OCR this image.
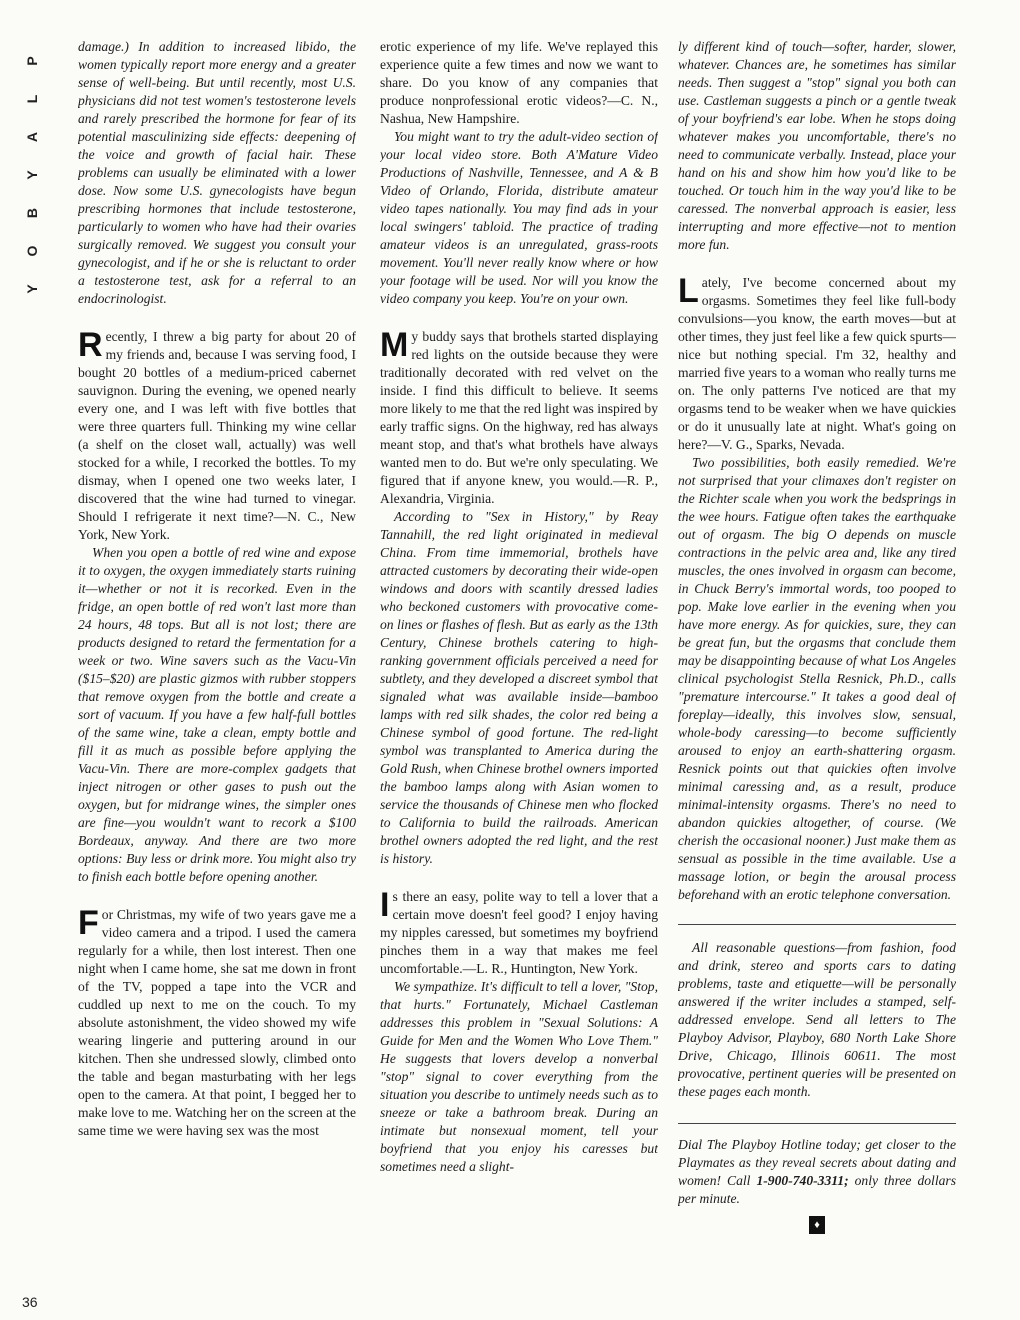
P
L
A
Y
B
O
Y
36

damage.) In addition to increased libido, the women typically report more energy and a greater sense of well-being. But until recently, most U.S. physicians did not test women's testosterone levels and rarely prescribed the hormone for fear of its potential masculinizing side effects: deepening of the voice and growth of facial hair. These problems can usually be eliminated with a lower dose. Now some U.S. gynecologists have begun prescribing hormones that include testosterone, particularly to women who have had their ovaries surgically removed. We suggest you consult your gynecologist, and if he or she is reluctant to order a testosterone test, ask for a referral to an endocrinologist.

Recently, I threw a big party for about 20 of my friends and, because I was serving food, I bought 20 bottles of a medium-priced cabernet sauvignon. During the evening, we opened nearly every one, and I was left with five bottles that were three quarters full. Thinking my wine cellar (a shelf on the closet wall, actually) was well stocked for a while, I recorked the bottles. To my dismay, when I opened one two weeks later, I discovered that the wine had turned to vinegar. Should I refrigerate it next time?—N. C., New York, New York.

When you open a bottle of red wine and expose it to oxygen, the oxygen immediately starts ruining it—whether or not it is recorked. Even in the fridge, an open bottle of red won't last more than 24 hours, 48 tops. But all is not lost; there are products designed to retard the fermentation for a week or two. Wine savers such as the Vacu-Vin ($15–$20) are plastic gizmos with rubber stoppers that remove oxygen from the bottle and create a sort of vacuum. If you have a few half-full bottles of the same wine, take a clean, empty bottle and fill it as much as possible before applying the Vacu-Vin. There are more-complex gadgets that inject nitrogen or other gases to push out the oxygen, but for midrange wines, the simpler ones are fine—you wouldn't want to recork a $100 Bordeaux, anyway. And there are two more options: Buy less or drink more. You might also try to finish each bottle before opening another.

For Christmas, my wife of two years gave me a video camera and a tripod. I used the camera regularly for a while, then lost interest. Then one night when I came home, she sat me down in front of the TV, popped a tape into the VCR and cuddled up next to me on the couch. To my absolute astonishment, the video showed my wife wearing lingerie and puttering around in our kitchen. Then she undressed slowly, climbed onto the table and began masturbating with her legs open to the camera. At that point, I begged her to make love to me. Watching her on the screen at the same time we were having sex was the most

erotic experience of my life. We've replayed this experience quite a few times and now we want to share. Do you know of any companies that produce nonprofessional erotic videos?—C. N., Nashua, New Hampshire.

You might want to try the adult-video section of your local video store. Both A'Mature Video Productions of Nashville, Tennessee, and A & B Video of Orlando, Florida, distribute amateur video tapes nationally. You may find ads in your local swingers' tabloid. The practice of trading amateur videos is an unregulated, grass-roots movement. You'll never really know where or how your footage will be used. Nor will you know the video company you keep. You're on your own.

My buddy says that brothels started displaying red lights on the outside because they were traditionally decorated with red velvet on the inside. I find this difficult to believe. It seems more likely to me that the red light was inspired by early traffic signs. On the highway, red has always meant stop, and that's what brothels have always wanted men to do. But we're only speculating. We figured that if anyone knew, you would.—R. P., Alexandria, Virginia.

According to "Sex in History," by Reay Tannahill, the red light originated in medieval China. From time immemorial, brothels have attracted customers by decorating their wide-open windows and doors with scantily dressed ladies who beckoned customers with provocative come-on lines or flashes of flesh. But as early as the 13th Century, Chinese brothels catering to high-ranking government officials perceived a need for subtlety, and they developed a discreet symbol that signaled what was available inside—bamboo lamps with red silk shades, the color red being a Chinese symbol of good fortune. The red-light symbol was transplanted to America during the Gold Rush, when Chinese brothel owners imported the bamboo lamps along with Asian women to service the thousands of Chinese men who flocked to California to build the railroads. American brothel owners adopted the red light, and the rest is history.

Is there an easy, polite way to tell a lover that a certain move doesn't feel good? I enjoy having my nipples caressed, but sometimes my boyfriend pinches them in a way that makes me feel uncomfortable.—L. R., Huntington, New York.

We sympathize. It's difficult to tell a lover, "Stop, that hurts." Fortunately, Michael Castleman addresses this problem in "Sexual Solutions: A Guide for Men and the Women Who Love Them." He suggests that lovers develop a nonverbal "stop" signal to cover everything from the situation you describe to untimely needs such as to sneeze or take a bathroom break. During an intimate but nonsexual moment, tell your boyfriend that you enjoy his caresses but sometimes need a slight-

ly different kind of touch—softer, harder, slower, whatever. Chances are, he sometimes has similar needs. Then suggest a "stop" signal you both can use. Castleman suggests a pinch or a gentle tweak of your boyfriend's ear lobe. When he stops doing whatever makes you uncomfortable, there's no need to communicate verbally. Instead, place your hand on his and show him how you'd like to be touched. Or touch him in the way you'd like to be caressed. The nonverbal approach is easier, less interrupting and more effective—not to mention more fun.

Lately, I've become concerned about my orgasms. Sometimes they feel like full-body convulsions—you know, the earth moves—but at other times, they just feel like a few quick spurts—nice but nothing special. I'm 32, healthy and married five years to a woman who really turns me on. The only patterns I've noticed are that my orgasms tend to be weaker when we have quickies or do it unusually late at night. What's going on here?—V. G., Sparks, Nevada.

Two possibilities, both easily remedied. We're not surprised that your climaxes don't register on the Richter scale when you work the bedsprings in the wee hours. Fatigue often takes the earthquake out of orgasm. The big O depends on muscle contractions in the pelvic area and, like any tired muscles, the ones involved in orgasm can become, in Chuck Berry's immortal words, too pooped to pop. Make love earlier in the evening when you have more energy. As for quickies, sure, they can be great fun, but the orgasms that conclude them may be disappointing because of what Los Angeles clinical psychologist Stella Resnick, Ph.D., calls "premature intercourse." It takes a good deal of foreplay—ideally, this involves slow, sensual, whole-body caressing—to become sufficiently aroused to enjoy an earth-shattering orgasm. Resnick points out that quickies often involve minimal caressing and, as a result, produce minimal-intensity orgasms. There's no need to abandon quickies altogether, of course. (We cherish the occasional nooner.) Just make them as sensual as possible in the time available. Use a massage lotion, or begin the arousal process beforehand with an erotic telephone conversation.

All reasonable questions—from fashion, food and drink, stereo and sports cars to dating problems, taste and etiquette—will be personally answered if the writer includes a stamped, self-addressed envelope. Send all letters to The Playboy Advisor, Playboy, 680 North Lake Shore Drive, Chicago, Illinois 60611. The most provocative, pertinent queries will be presented on these pages each month.

Dial The Playboy Hotline today; get closer to the Playmates as they reveal secrets about dating and women! Call 1-900-740-3311; only three dollars per minute.

♦
